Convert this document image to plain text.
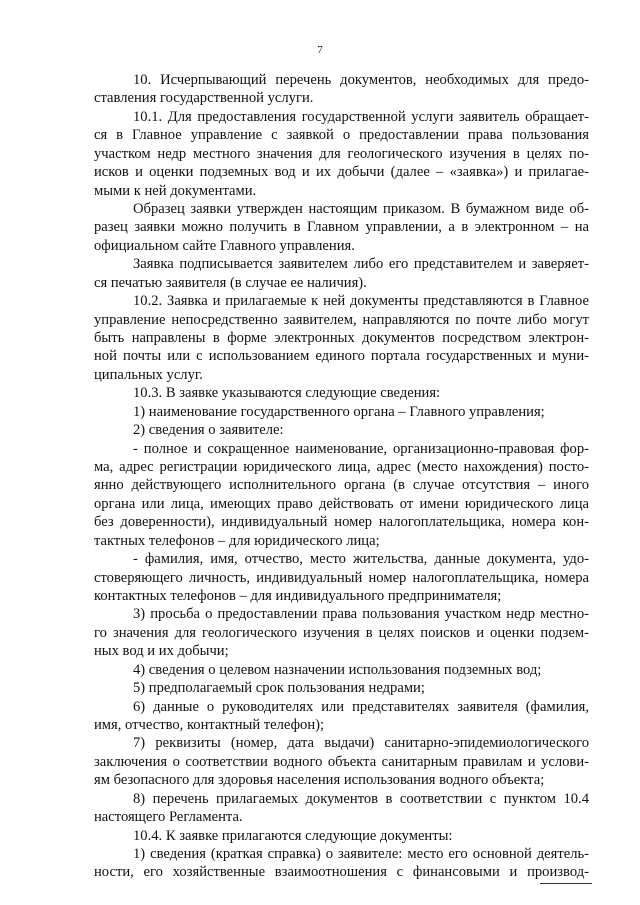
7
10. Исчерпывающий перечень документов, необходимых для предо-
ставления государственной услуги.
10.1. Для предоставления государственной услуги заявитель обращает-
ся в Главное управление с заявкой о предоставлении права пользования
участком недр местного значения для геологического изучения в целях по-
исков и оценки подземных вод и их добычи (далее – «заявка») и прилагае-
мыми к ней документами.
Образец заявки утвержден настоящим приказом. В бумажном виде об-
разец заявки можно получить в Главном управлении, а в электронном – на
официальном сайте Главного управления.
Заявка подписывается заявителем либо его представителем и заверяет-
ся печатью заявителя (в случае ее наличия).
10.2. Заявка и прилагаемые к ней документы представляются в Главное
управление непосредственно заявителем, направляются по почте либо могут
быть направлены в форме электронных документов посредством электрон-
ной почты или с использованием единого портала государственных и муни-
ципальных услуг.
10.3. В заявке указываются следующие сведения:
1) наименование государственного органа – Главного управления;
2) сведения о заявителе:
- полное и сокращенное наименование, организационно-правовая фор-
ма, адрес регистрации юридического лица, адрес (место нахождения) посто-
янно действующего исполнительного органа (в случае отсутствия – иного
органа или лица, имеющих право действовать от имени юридического лица
без доверенности), индивидуальный номер налогоплательщика, номера кон-
тактных телефонов – для юридического лица;
- фамилия, имя, отчество, место жительства, данные документа, удо-
стоверяющего личность, индивидуальный номер налогоплательщика, номера
контактных телефонов – для индивидуального предпринимателя;
3) просьба о предоставлении права пользования участком недр местно-
го значения для геологического изучения в целях поисков и оценки подзем-
ных вод и их добычи;
4) сведения о целевом назначении использования подземных вод;
5) предполагаемый срок пользования недрами;
6) данные о руководителях или представителях заявителя (фамилия,
имя, отчество, контактный телефон);
7) реквизиты (номер, дата выдачи) санитарно-эпидемиологического
заключения о соответствии водного объекта санитарным правилам и услови-
ям безопасного для здоровья населения использования водного объекта;
8) перечень прилагаемых документов в соответствии с пунктом 10.4
настоящего Регламента.
10.4. К заявке прилагаются следующие документы:
1) сведения (краткая справка) о заявителе: место его основной деятель-
ности, его хозяйственные взаимоотношения с финансовыми и производ-
